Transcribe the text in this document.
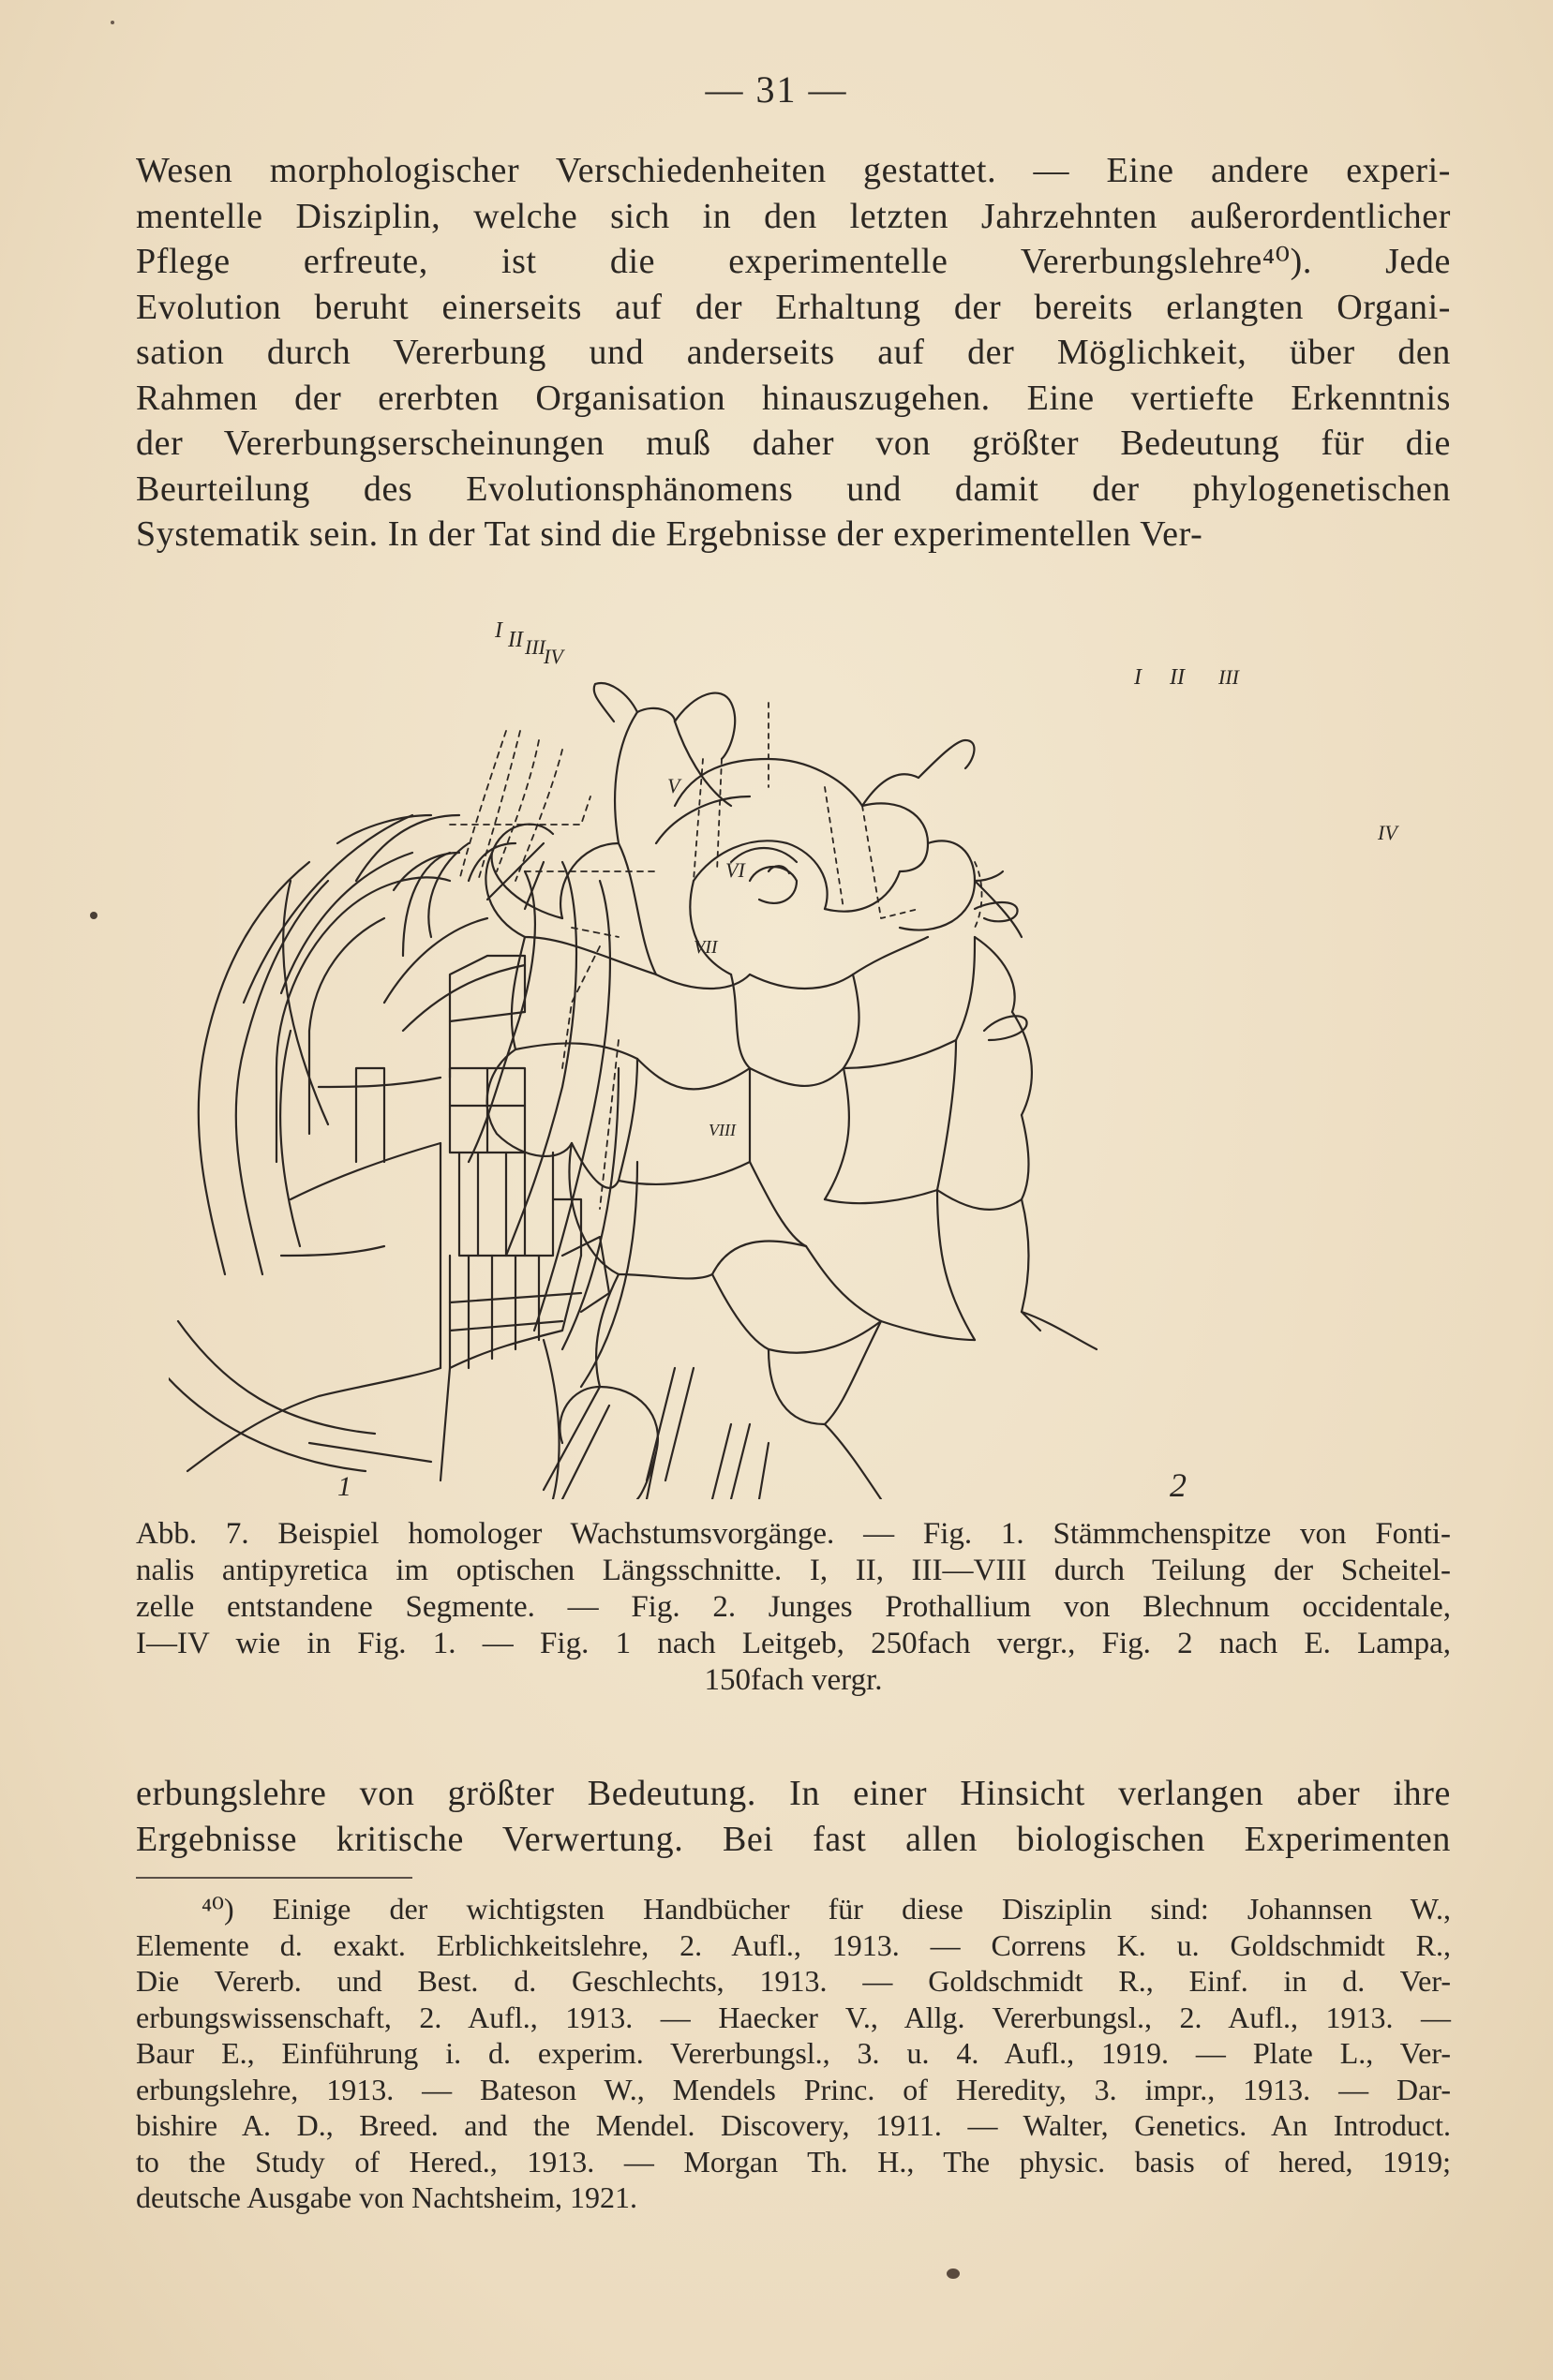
— 31 —
Wesen morphologischer Verschiedenheiten gestattet. — Eine andere experi-
mentelle Disziplin, welche sich in den letzten Jahrzehnten außerordentlicher
Pflege erfreute, ist die experimentelle Vererbungslehre⁴⁰). Jede
Evolution beruht einerseits auf der Erhaltung der bereits erlangten Organi-
sation durch Vererbung und anderseits auf der Möglichkeit, über den
Rahmen der ererbten Organisation hinauszugehen. Eine vertiefte Erkenntnis
der Vererbungserscheinungen muß daher von größter Bedeutung für die
Beurteilung des Evolutionsphänomens und damit der phylogenetischen
Systematik sein. In der Tat sind die Ergebnisse der experimentellen Ver-
I II III
IV
V
VI
VII
VIII
1
I II III
IV
2
Abb. 7. Beispiel homologer Wachstumsvorgänge. — Fig. 1. Stämmchenspitze von Fonti-
nalis antipyretica im optischen Längsschnitte. I, II, III—VIII durch Teilung der Scheitel-
zelle entstandene Segmente. — Fig. 2. Junges Prothallium von Blechnum occidentale,
I—IV wie in Fig. 1. — Fig. 1 nach Leitgeb, 250fach vergr., Fig. 2 nach E. Lampa,
150fach vergr.
erbungslehre von größter Bedeutung. In einer Hinsicht verlangen aber ihre
Ergebnisse kritische Verwertung. Bei fast allen biologischen Experimenten
⁴⁰) Einige der wichtigsten Handbücher für diese Disziplin sind: Johannsen W.,
Elemente d. exakt. Erblichkeitslehre, 2. Aufl., 1913. — Correns K. u. Goldschmidt R.,
Die Vererb. und Best. d. Geschlechts, 1913. — Goldschmidt R., Einf. in d. Ver-
erbungswissenschaft, 2. Aufl., 1913. — Haecker V., Allg. Vererbungsl., 2. Aufl., 1913. —
Baur E., Einführung i. d. experim. Vererbungsl., 3. u. 4. Aufl., 1919. — Plate L., Ver-
erbungslehre, 1913. — Bateson W., Mendels Princ. of Heredity, 3. impr., 1913. — Dar-
bishire A. D., Breed. and the Mendel. Discovery, 1911. — Walter, Genetics. An Introduct.
to the Study of Hered., 1913. — Morgan Th. H., The physic. basis of hered, 1919;
deutsche Ausgabe von Nachtsheim, 1921.
